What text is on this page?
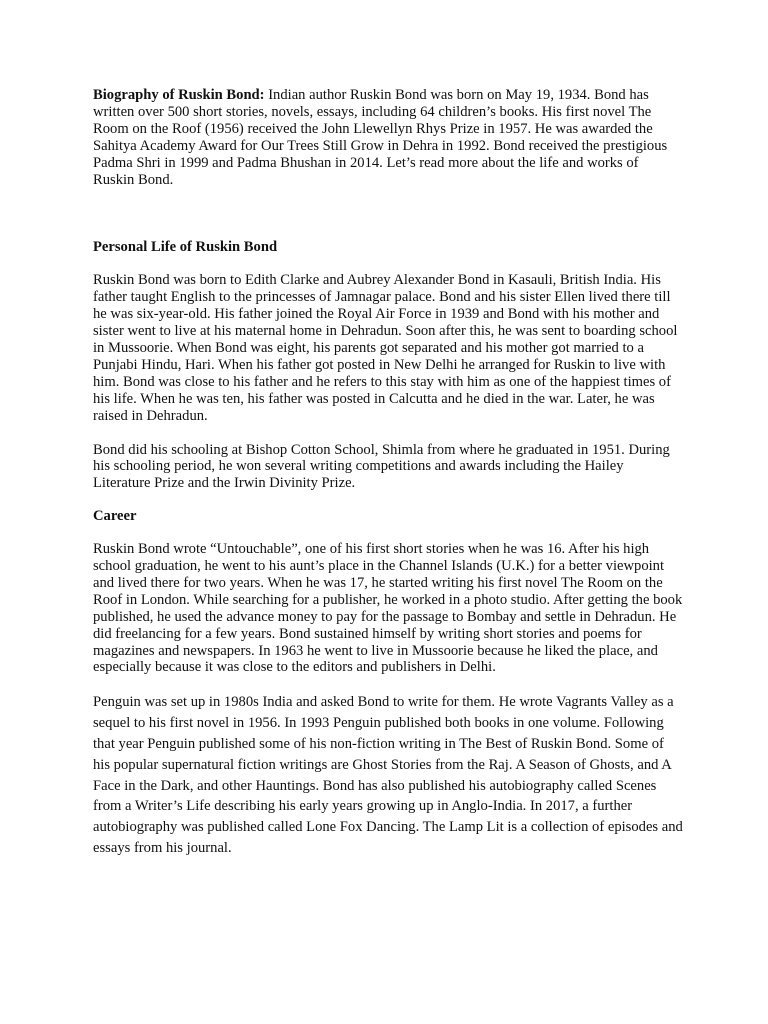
Biography of Ruskin Bond: Indian author Ruskin Bond was born on May 19, 1934. Bond has written over 500 short stories, novels, essays, including 64 children’s books. His first novel The Room on the Roof (1956) received the John Llewellyn Rhys Prize in 1957. He was awarded the Sahitya Academy Award for Our Trees Still Grow in Dehra in 1992. Bond received the prestigious Padma Shri in 1999 and Padma Bhushan in 2014. Let’s read more about the life and works of Ruskin Bond.

Personal Life of Ruskin Bond

Ruskin Bond was born to Edith Clarke and Aubrey Alexander Bond in Kasauli, British India. His father taught English to the princesses of Jamnagar palace. Bond and his sister Ellen lived there till he was six-year-old. His father joined the Royal Air Force in 1939 and Bond with his mother and sister went to live at his maternal home in Dehradun. Soon after this, he was sent to boarding school in Mussoorie. When Bond was eight, his parents got separated and his mother got married to a Punjabi Hindu, Hari. When his father got posted in New Delhi he arranged for Ruskin to live with him. Bond was close to his father and he refers to this stay with him as one of the happiest times of his life. When he was ten, his father was posted in Calcutta and he died in the war. Later, he was raised in Dehradun.

Bond did his schooling at Bishop Cotton School, Shimla from where he graduated in 1951. During his schooling period, he won several writing competitions and awards including the Hailey Literature Prize and the Irwin Divinity Prize.

Career

Ruskin Bond wrote “Untouchable”, one of his first short stories when he was 16. After his high school graduation, he went to his aunt’s place in the Channel Islands (U.K.) for a better viewpoint and lived there for two years. When he was 17, he started writing his first novel The Room on the Roof in London. While searching for a publisher, he worked in a photo studio. After getting the book published, he used the advance money to pay for the passage to Bombay and settle in Dehradun. He did freelancing for a few years. Bond sustained himself by writing short stories and poems for magazines and newspapers. In 1963 he went to live in Mussoorie because he liked the place, and especially because it was close to the editors and publishers in Delhi.

Penguin was set up in 1980s India and asked Bond to write for them. He wrote Vagrants Valley as a sequel to his first novel in 1956. In 1993 Penguin published both books in one volume. Following that year Penguin published some of his non-fiction writing in The Best of Ruskin Bond. Some of his popular supernatural fiction writings are Ghost Stories from the Raj. A Season of Ghosts, and A Face in the Dark, and other Hauntings. Bond has also published his autobiography called Scenes from a Writer’s Life describing his early years growing up in Anglo-India. In 2017, a further autobiography was published called Lone Fox Dancing. The Lamp Lit is a collection of episodes and essays from his journal.
